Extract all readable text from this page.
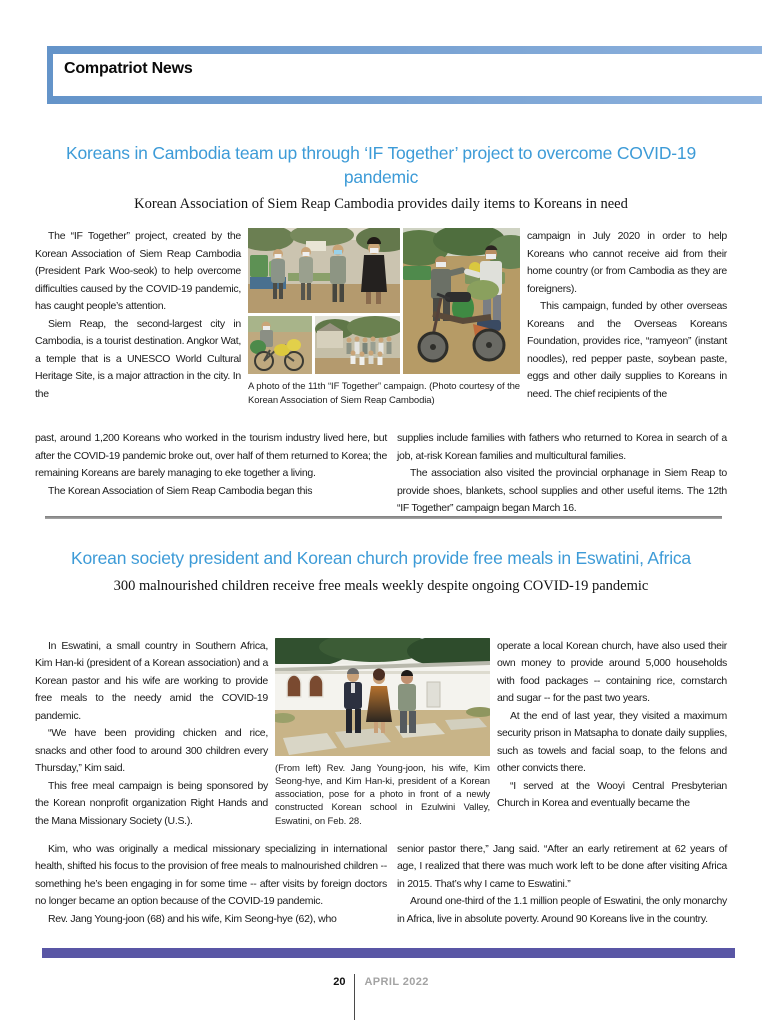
Compatriot News
Koreans in Cambodia team up through ‘IF Together’ project to overcome COVID-19 pandemic
Korean Association of Siem Reap Cambodia provides daily items to Koreans in need

The “IF Together” project, created by the Korean Association of Siem Reap Cambodia (President Park Woo-seok) to help overcome difficulties caused by the COVID-19 pandemic, has caught people’s attention.

Siem Reap, the second-largest city in Cambodia, is a tourist destination. Angkor Wat, a temple that is a UNESCO World Cultural Heritage Site, is a major attraction in the city. In the

A photo of the 11th “IF Together” campaign. (Photo courtesy of the Korean Association of Siem Reap Cambodia)

campaign in July 2020 in order to help Koreans who cannot receive aid from their home country (or from Cambodia as they are foreigners).

This campaign, funded by other overseas Koreans and the Overseas Koreans Foundation, provides rice, “ramyeon” (instant noodles), red pepper paste, soybean paste, eggs and other daily supplies to Koreans in need. The chief recipients of the

past, around 1,200 Koreans who worked in the tourism industry lived here, but after the COVID-19 pandemic broke out, over half of them returned to Korea; the remaining Koreans are barely managing to eke together a living.

The Korean Association of Siem Reap Cambodia began this

supplies include families with fathers who returned to Korea in search of a job, at-risk Korean families and multicultural families.

The association also visited the provincial orphanage in Siem Reap to provide shoes, blankets, school supplies and other useful items. The 12th “IF Together” campaign began March 16.

Korean society president and Korean church provide free meals in Eswatini, Africa
300 malnourished children receive free meals weekly despite ongoing COVID-19 pandemic

In Eswatini, a small country in Southern Africa, Kim Han-ki (president of a Korean association) and a Korean pastor and his wife are working to provide free meals to the needy amid the COVID-19 pandemic.

“We have been providing chicken and rice, snacks and other food to around 300 children every Thursday,” Kim said.

This free meal campaign is being sponsored by the Korean nonprofit organization Right Hands and the Mana Missionary Society (U.S.).

(From left) Rev. Jang Young-joon, his wife, Kim Seong-hye, and Kim Han-ki, president of a Korean association, pose for a photo in front of a newly constructed Korean school in Ezulwini Valley, Eswatini, on Feb. 28.

operate a local Korean church, have also used their own money to provide around 5,000 households with food packages -- containing rice, cornstarch and sugar -- for the past two years.

At the end of last year, they visited a maximum security prison in Matsapha to donate daily supplies, such as towels and facial soap, to the felons and other convicts there.

“I served at the Wooyi Central Presbyterian Church in Korea and eventually became the

Kim, who was originally a medical missionary specializing in international health, shifted his focus to the provision of free meals to malnourished children -- something he’s been engaging in for some time -- after visits by foreign doctors no longer became an option because of the COVID-19 pandemic.

Rev. Jang Young-joon (68) and his wife, Kim Seong-hye (62), who

senior pastor there,” Jang said. “After an early retirement at 62 years of age, I realized that there was much work left to be done after visiting Africa in 2015. That’s why I came to Eswatini.”

Around one-third of the 1.1 million people of Eswatini, the only monarchy in Africa, live in absolute poverty. Around 90 Koreans live in the country.

20 APRIL 2022
